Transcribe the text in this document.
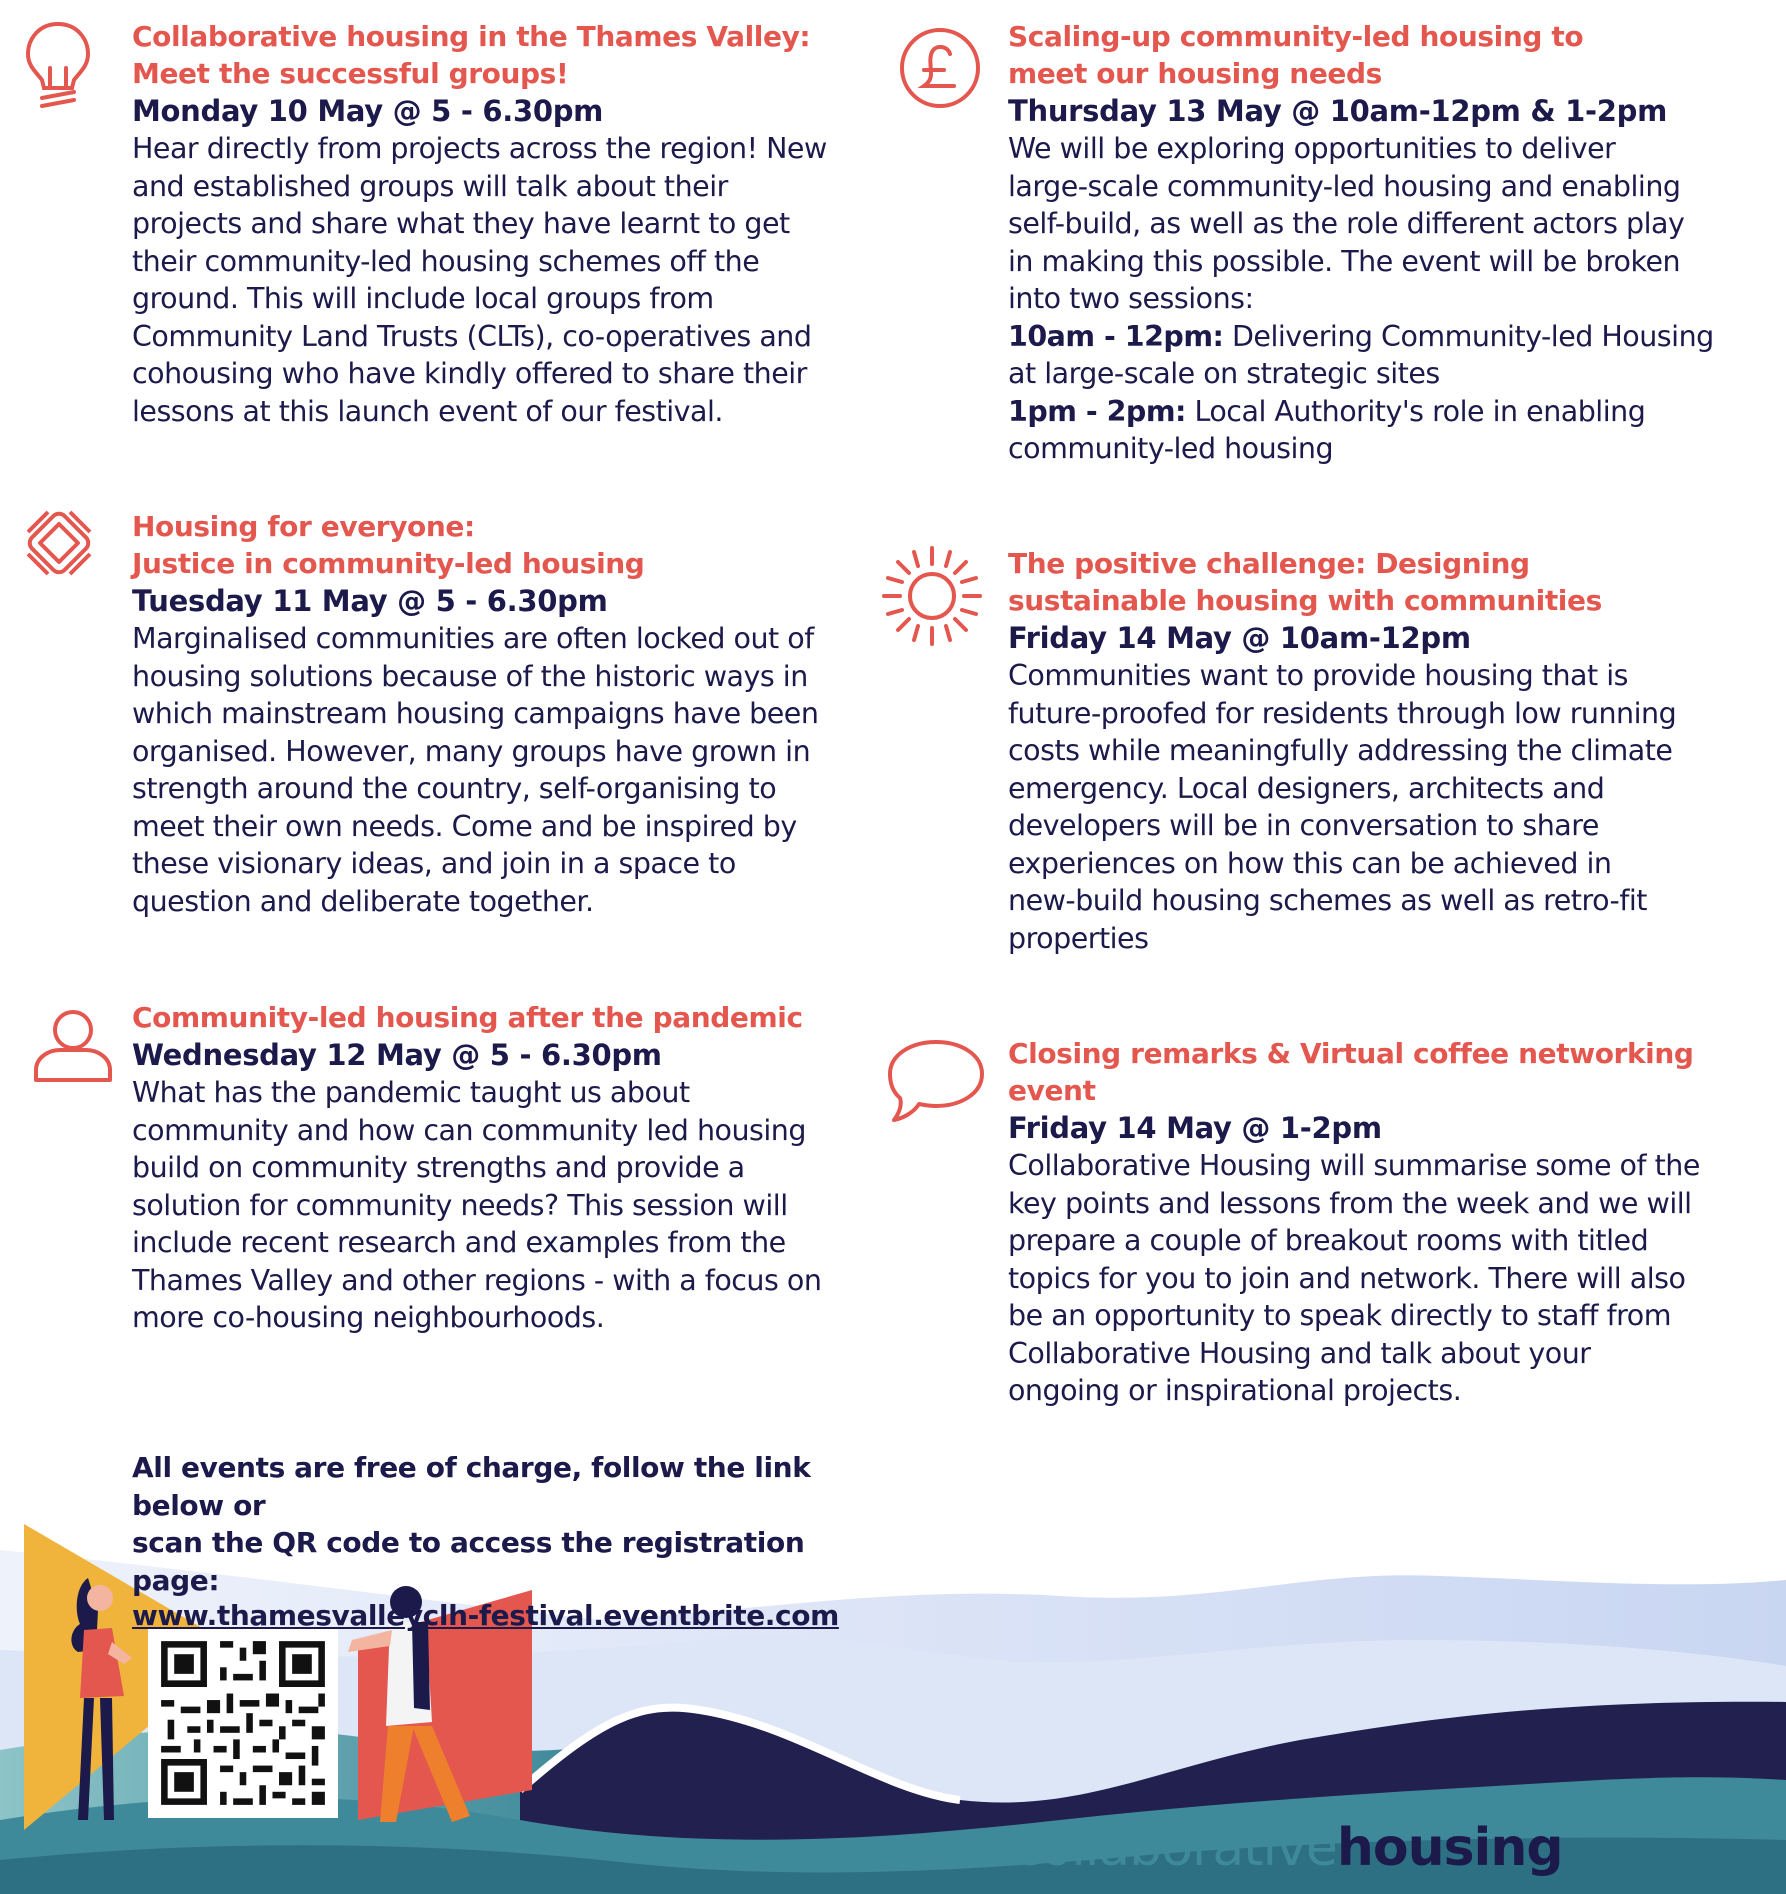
Collaborative housing in the Thames Valley:
Meet the successful groups!
Monday 10 May @ 5 - 6.30pm
Hear directly from projects across the region! New
and established groups will talk about their
projects and share what they have learnt to get
their community-led housing schemes off the
ground. This will include local groups from
Community Land Trusts (CLTs), co-operatives and
cohousing who have kindly offered to share their
lessons at this launch event of our festival.
Housing for everyone:
Justice in community-led housing
Tuesday 11 May @ 5 - 6.30pm
Marginalised communities are often locked out of
housing solutions because of the historic ways in
which mainstream housing campaigns have been
organised. However, many groups have grown in
strength around the country, self-organising to
meet their own needs. Come and be inspired by
these visionary ideas, and join in a space to
question and deliberate together.
Community-led housing after the pandemic
Wednesday 12 May @ 5 - 6.30pm
What has the pandemic taught us about
community and how can community led housing
build on community strengths and provide a
solution for community needs? This session will
include recent research and examples from the
Thames Valley and other regions - with a focus on
more co-housing neighbourhoods.
Scaling-up community-led housing to
meet our housing needs
Thursday 13 May @ 10am-12pm & 1-2pm
We will be exploring opportunities to deliver
large-scale community-led housing and enabling
self-build, as well as the role different actors play
in making this possible. The event will be broken
into two sessions:
10am - 12pm: Delivering Community-led Housing
at large-scale on strategic sites
1pm - 2pm: Local Authority's role in enabling
community-led housing
The positive challenge: Designing
sustainable housing with communities
Friday 14 May @ 10am-12pm
Communities want to provide housing that is
future-proofed for residents through low running
costs while meaningfully addressing the climate
emergency. Local designers, architects and
developers will be in conversation to share
experiences on how this can be achieved in
new-build housing schemes as well as retro-fit
properties
Closing remarks & Virtual coffee networking
event
Friday 14 May @ 1-2pm
Collaborative Housing will summarise some of the
key points and lessons from the week and we will
prepare a couple of breakout rooms with titled
topics for you to join and network. There will also
be an opportunity to speak directly to staff from
Collaborative Housing and talk about your
ongoing or inspirational projects.
All events are free of charge, follow the link below or
scan the QR code to access the registration page:
www.thamesvalleyclh-festival.eventbrite.com
collaborativehousing
